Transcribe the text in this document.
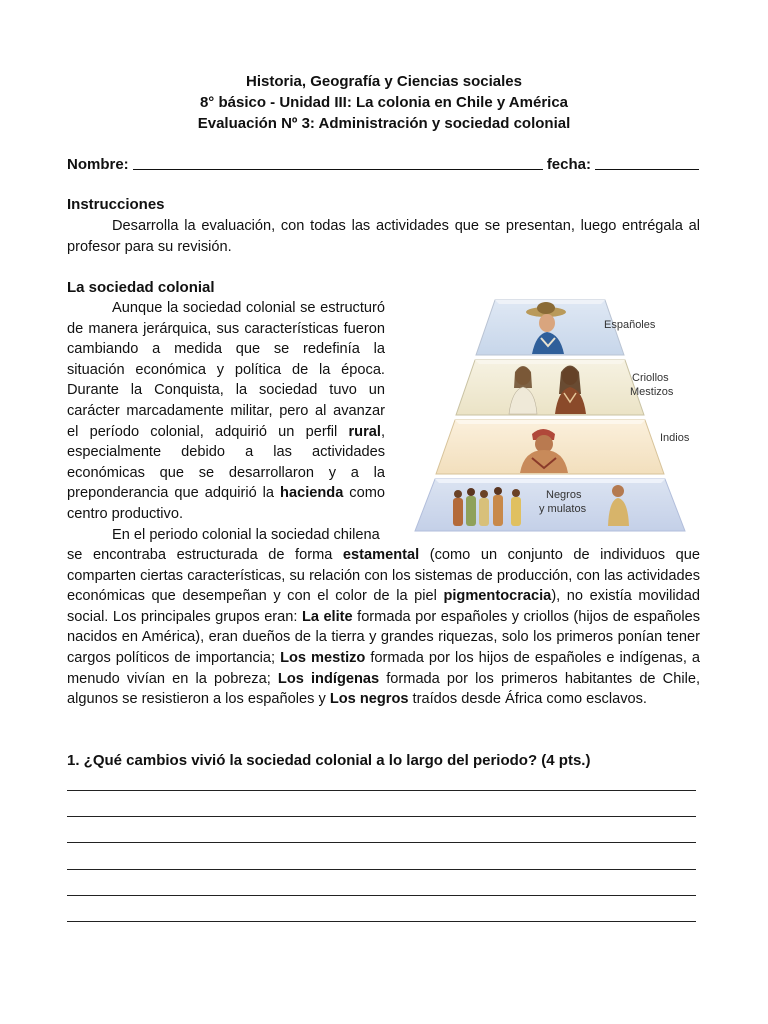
Historia, Geografía y Ciencias sociales
8° básico - Unidad III: La colonia en Chile y América
Evaluación Nº 3: Administración y sociedad colonial
Nombre:	fecha:
Instrucciones

Desarrolla la evaluación, con todas las actividades que se presentan, luego entrégala al profesor para su revisión.

La sociedad colonial

Aunque la sociedad colonial se estructuró de manera jerárquica, sus características fueron cambiando a medida que se redefinía la situación económica y política de la época. Durante la Conquista, la sociedad tuvo un carácter marcadamente militar, pero al avanzar el período colonial, adquirió un perfil rural, especialmente debido a las actividades económicas que se desarrollaron y a la preponderancia que adquirió la hacienda como centro productivo.

En el periodo colonial la sociedad chilena

se encontraba estructurada de forma estamental (como un conjunto de individuos que comparten ciertas características, su relación con los sistemas de producción, con las actividades económicas que desempeñan y con el color de la piel pigmentocracia), no existía movilidad social. Los principales grupos eran: La elite formada por españoles y criollos (hijos de españoles nacidos en América), eran dueños de la tierra y grandes riquezas, solo los primeros ponían tener cargos políticos de importancia; Los mestizo formada por los hijos de españoles e indígenas, a menudo vivían en la pobreza; Los indígenas formada por los primeros habitantes de Chile, algunos se resistieron a los españoles y Los negros traídos desde África como esclavos.

Españoles
Criollos
Mestizos
Indios
Negros
y mulatos
1. ¿Qué cambios vivió la sociedad colonial a lo largo del periodo? (4 pts.)
